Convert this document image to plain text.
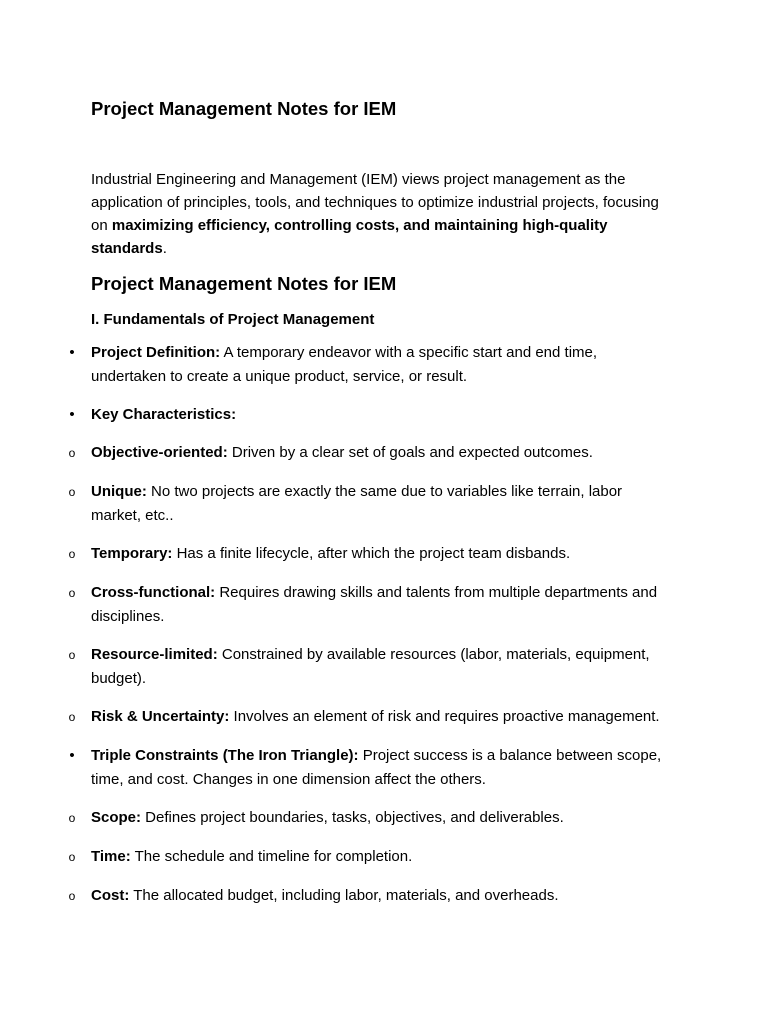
Project Management Notes for IEM

Industrial Engineering and Management (IEM) views project management as the application of principles, tools, and techniques to optimize industrial projects, focusing on maximizing efficiency, controlling costs, and maintaining high-quality standards.

Project Management Notes for IEM
I. Fundamentals of Project Management
• Project Definition: A temporary endeavor with a specific start and end time, undertaken to create a unique product, service, or result.
• Key Characteristics:
o Objective-oriented: Driven by a clear set of goals and expected outcomes.
o Unique: No two projects are exactly the same due to variables like terrain, labor market, etc..
o Temporary: Has a finite lifecycle, after which the project team disbands.
o Cross-functional: Requires drawing skills and talents from multiple departments and disciplines.
o Resource-limited: Constrained by available resources (labor, materials, equipment, budget).
o Risk & Uncertainty: Involves an element of risk and requires proactive management.
• Triple Constraints (The Iron Triangle): Project success is a balance between scope, time, and cost. Changes in one dimension affect the others.
o Scope: Defines project boundaries, tasks, objectives, and deliverables.
o Time: The schedule and timeline for completion.
o Cost: The allocated budget, including labor, materials, and overheads.
